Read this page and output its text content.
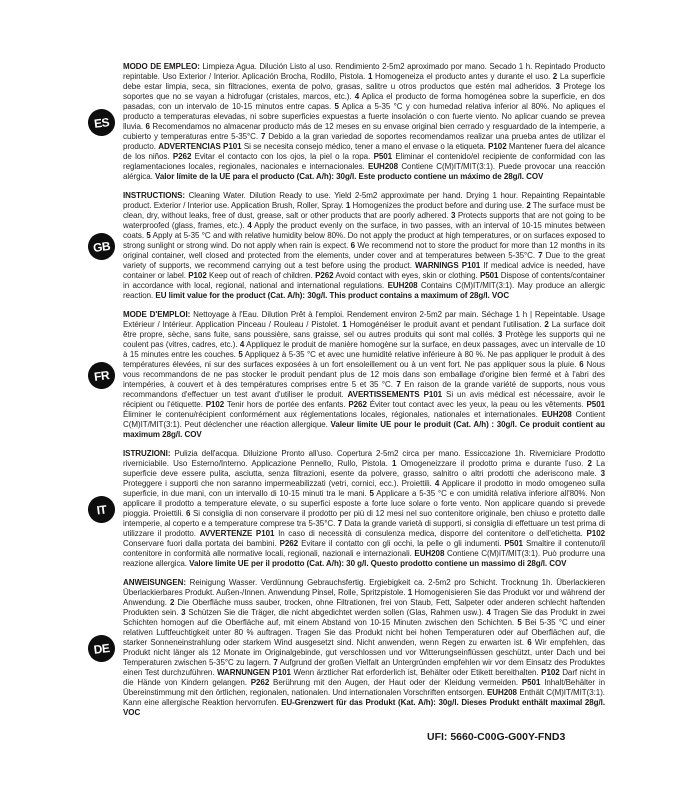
ES

MODO DE EMPLEO: Limpieza Agua. Dilución Listo al uso. Rendimiento 2-5m2 aproximado por mano. Secado 1 h. Repintado Producto repintable. Uso Exterior / Interior. Aplicación Brocha, Rodillo, Pistola. 1 Homogeneiza el producto antes y durante el uso. 2 La superficie debe estar limpia, seca, sin filtraciones, exenta de polvo, grasas, salitre u otros productos que estén mal adheridos. 3 Protege los soportes que no se vayan a hidrofugar (cristales, marcos, etc.). 4 Aplica el producto de forma homogénea sobre la superficie, en dos pasadas, con un intervalo de 10-15 minutos entre capas. 5 Aplica a 5-35 °C y con humedad relativa inferior al 80%. No apliques el producto a temperaturas elevadas, ni sobre superficies expuestas a fuerte insolación o con fuerte viento. No aplicar cuando se prevea lluvia. 6 Recomendamos no almacenar producto más de 12 meses en su envase original bien cerrado y resguardado de la intemperie, a cubierto y temperaturas entre 5-35°C. 7 Debido a la gran variedad de soportes recomendamos realizar una prueba antes de utilizar el producto. ADVERTENCIAS P101 Si se necesita consejo médico, tener a mano el envase o la etiqueta. P102 Mantener fuera del alcance de los niños. P262 Evitar el contacto con los ojos, la piel o la ropa. P501 Eliminar el contenido/el recipiente de conformidad con las reglamentaciones locales, regionales, nacionales e internacionales. EUH208 Contiene C(M)IT/MIT(3:1). Puede provocar una reacción alérgica. Valor límite de la UE para el producto (Cat. A/h): 30g/l. Este producto contiene un máximo de 28g/l. COV

GB

INSTRUCTIONS: Cleaning Water. Dilution Ready to use. Yield 2-5m2 approximate per hand. Drying 1 hour. Repainting Repaintable product. Exterior / Interior use. Application Brush, Roller, Spray. 1 Homogenizes the product before and during use. 2 The surface must be clean, dry, without leaks, free of dust, grease, salt or other products that are poorly adhered. 3 Protects supports that are not going to be waterproofed (glass, frames, etc.). 4 Apply the product evenly on the surface, in two passes, with an interval of 10-15 minutes between coats. 5 Apply at 5-35 °C and with relative humidity below 80%. Do not apply the product at high temperatures, or on surfaces exposed to strong sunlight or strong wind. Do not apply when rain is expect. 6 We recommend not to store the product for more than 12 months in its original container, well closed and protected from the elements, under cover and at temperatures between 5-35°C. 7 Due to the great variety of supports, we recommend carrying out a test before using the product. WARNINGS P101 If medical advice is needed, have container or label. P102 Keep out of reach of children. P262 Avoid contact with eyes, skin or clothing. P501 Dispose of contents/container in accordance with local, regional, national and international regulations. EUH208 Contains C(M)IT/MIT(3:1). May produce an allergic reaction. EU limit value for the product (Cat. A/h): 30g/l. This product contains a maximum of 28g/l. VOC

FR

MODE D'EMPLOI: Nettoyage à l'Eau. Dilution Prêt à l'emploi. Rendement environ 2-5m2 par main. Séchage 1 h | Repeintable. Usage Extérieur / Intérieur. Application Pinceau / Rouleau / Pistolet. 1 Homogénéiser le produit avant et pendant l'utilisation. 2 La surface doit être propre, sèche, sans fuite, sans poussière, sans graisse, sel ou autres produits qui sont mal collés. 3 Protège les supports qui ne coulent pas (vitres, cadres, etc.). 4 Appliquez le produit de manière homogène sur la surface, en deux passages, avec un intervalle de 10 à 15 minutes entre les couches. 5 Appliquez à 5-35 °C et avec une humidité relative inférieure à 80 %. Ne pas appliquer le produit à des températures élevées, ni sur des surfaces exposées à un fort ensoleillement ou à un vent fort. Ne pas appliquer sous la pluie. 6 Nous vous recommandons de ne pas stocker le produit pendant plus de 12 mois dans son emballage d'origine bien fermé et à l'abri des intempéries, à couvert et à des températures comprises entre 5 et 35 °C. 7 En raison de la grande variété de supports, nous vous recommandons d'effectuer un test avant d'utiliser le produit. AVERTISSEMENTS P101 Si un avis médical est nécessaire, avoir le récipient ou l'étiquette. P102 Tenir hors de portée des enfants. P262 Éviter tout contact avec les yeux, la peau ou les vêtements. P501 Éliminer le contenu/récipient conformément aux réglementations locales, régionales, nationales et internationales. EUH208 Contient C(M)IT/MIT(3:1). Peut déclencher une réaction allergique. Valeur limite UE pour le produit (Cat. A/h) : 30g/l. Ce produit contient au maximum 28g/l. COV

IT

ISTRUZIONI: Pulizia dell'acqua. Diluizione Pronto all'uso. Copertura 2-5m2 circa per mano. Essiccazione 1h. Riverniciare Prodotto riverniciabile. Uso Esterno/Interno. Applicazione Pennello, Rullo, Pistola. 1 Omogeneizzare il prodotto prima e durante l'uso. 2 La superficie deve essere pulita, asciutta, senza filtrazioni, esente da polvere, grasso, salnitro o altri prodotti che aderiscono male. 3 Proteggere i supporti che non saranno impermeabilizzati (vetri, cornici, ecc.). Proiettili. 4 Applicare il prodotto in modo omogeneo sulla superficie, in due mani, con un intervallo di 10-15 minuti tra le mani. 5 Applicare a 5-35 °C e con umidità relativa inferiore all'80%. Non applicare il prodotto a temperature elevate, o su superfici esposte a forte luce solare o forte vento. Non applicare quando si prevede pioggia. Proiettili. 6 Si consiglia di non conservare il prodotto per più di 12 mesi nel suo contenitore originale, ben chiuso e protetto dalle intemperie, al coperto e a temperature comprese tra 5-35°C. 7 Data la grande varietà di supporti, si consiglia di effettuare un test prima di utilizzare il prodotto. AVVERTENZE P101 In caso di necessità di consulenza medica, disporre del contenitore o dell'etichetta. P102 Conservare fuori dalla portata dei bambini. P262 Evitare il contatto con gli occhi, la pelle o gli indumenti. P501 Smaltire il contenuto/il contenitore in conformità alle normative locali, regionali, nazionali e internazionali. EUH208 Contiene C(M)IT/MIT(3:1). Può produrre una reazione allergica. Valore limite UE per il prodotto (Cat. A/h): 30 g/l. Questo prodotto contiene un massimo di 28g/l. COV

DE

ANWEISUNGEN: Reinigung Wasser. Verdünnung Gebrauchsfertig. Ergiebigkeit ca. 2-5m2 pro Schicht. Trocknung 1h. Überlackieren Überlackierbares Produkt. Außen-/Innen. Anwendung Pinsel, Rolle, Spritzpistole. 1 Homogenisieren Sie das Produkt vor und während der Anwendung. 2 Die Oberfläche muss sauber, trocken, ohne Filtrationen, frei von Staub, Fett, Salpeter oder anderen schlecht haftenden Produkten sein. 3 Schützen Sie die Träger, die nicht abgedichtet werden sollen (Glas, Rahmen usw.). 4 Tragen Sie das Produkt in zwei Schichten homogen auf die Oberfläche auf, mit einem Abstand von 10-15 Minuten zwischen den Schichten. 5 Bei 5-35 °C und einer relativen Luftfeuchtigkeit unter 80 % auftragen. Tragen Sie das Produkt nicht bei hohen Temperaturen oder auf Oberflächen auf, die starker Sonneneinstrahlung oder starkem Wind ausgesetzt sind. Nicht anwenden, wenn Regen zu erwarten ist. 6 Wir empfehlen, das Produkt nicht länger als 12 Monate im Originalgebinde, gut verschlossen und vor Witterungseinflüssen geschützt, unter Dach und bei Temperaturen zwischen 5-35°C zu lagern. 7 Aufgrund der großen Vielfalt an Untergründen empfehlen wir vor dem Einsatz des Produktes einen Test durchzuführen. WARNUNGEN P101 Wenn ärztlicher Rat erforderlich ist, Behälter oder Etikett bereithalten. P102 Darf nicht in die Hände von Kindern gelangen. P262 Berührung mit den Augen, der Haut oder der Kleidung vermeiden. P501 Inhalt/Behälter in Übereinstimmung mit den örtlichen, regionalen, nationalen. Und internationalen Vorschriften entsorgen. EUH208 Enthält C(M)IT/MIT(3:1). Kann eine allergische Reaktion hervorrufen. EU-Grenzwert für das Produkt (Kat. A/h): 30g/l. Dieses Produkt enthält maximal 28g/l. VOC

UFI: 5660-C00G-G00Y-FND3
